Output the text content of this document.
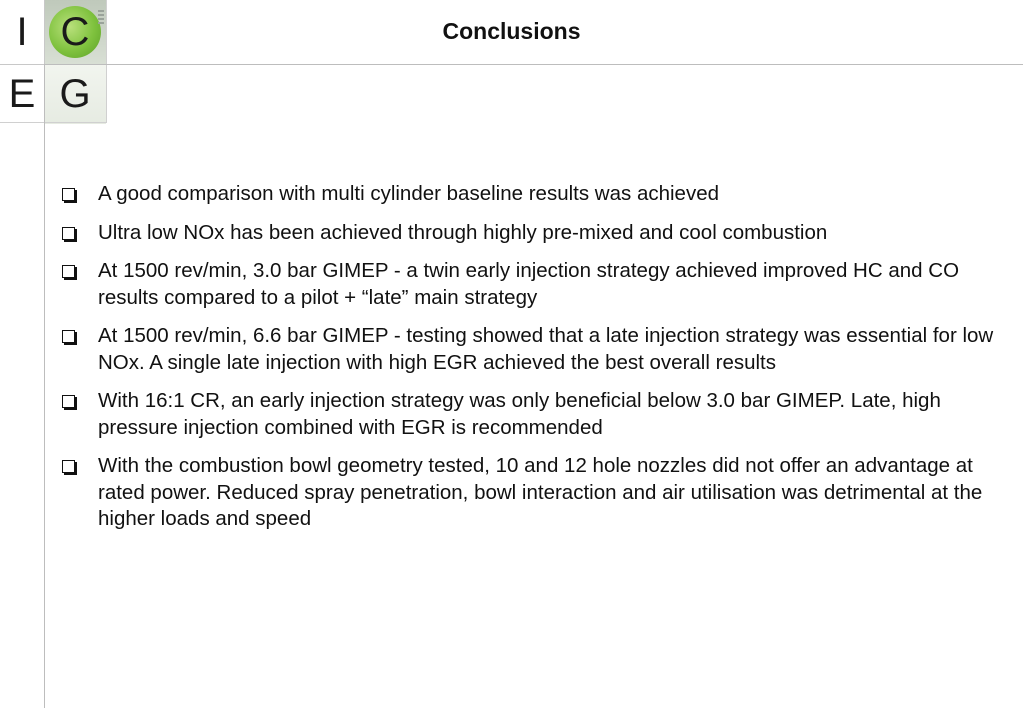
I C
E G
Conclusions
A good comparison with multi cylinder baseline results was achieved
Ultra low NOx has been achieved through highly pre-mixed and cool combustion
At 1500 rev/min, 3.0 bar GIMEP - a twin early injection strategy achieved improved HC and CO results compared to a pilot + “late” main strategy
At 1500 rev/min, 6.6 bar GIMEP - testing showed that a late injection strategy was essential for low NOx. A single late injection with high EGR achieved the best overall results
With 16:1 CR, an early injection strategy was only beneficial below 3.0 bar GIMEP. Late, high pressure injection combined with EGR is recommended
With the combustion bowl geometry tested, 10 and 12 hole nozzles did not offer an advantage at rated power. Reduced spray penetration, bowl interaction and air utilisation was detrimental at the higher loads and speed
